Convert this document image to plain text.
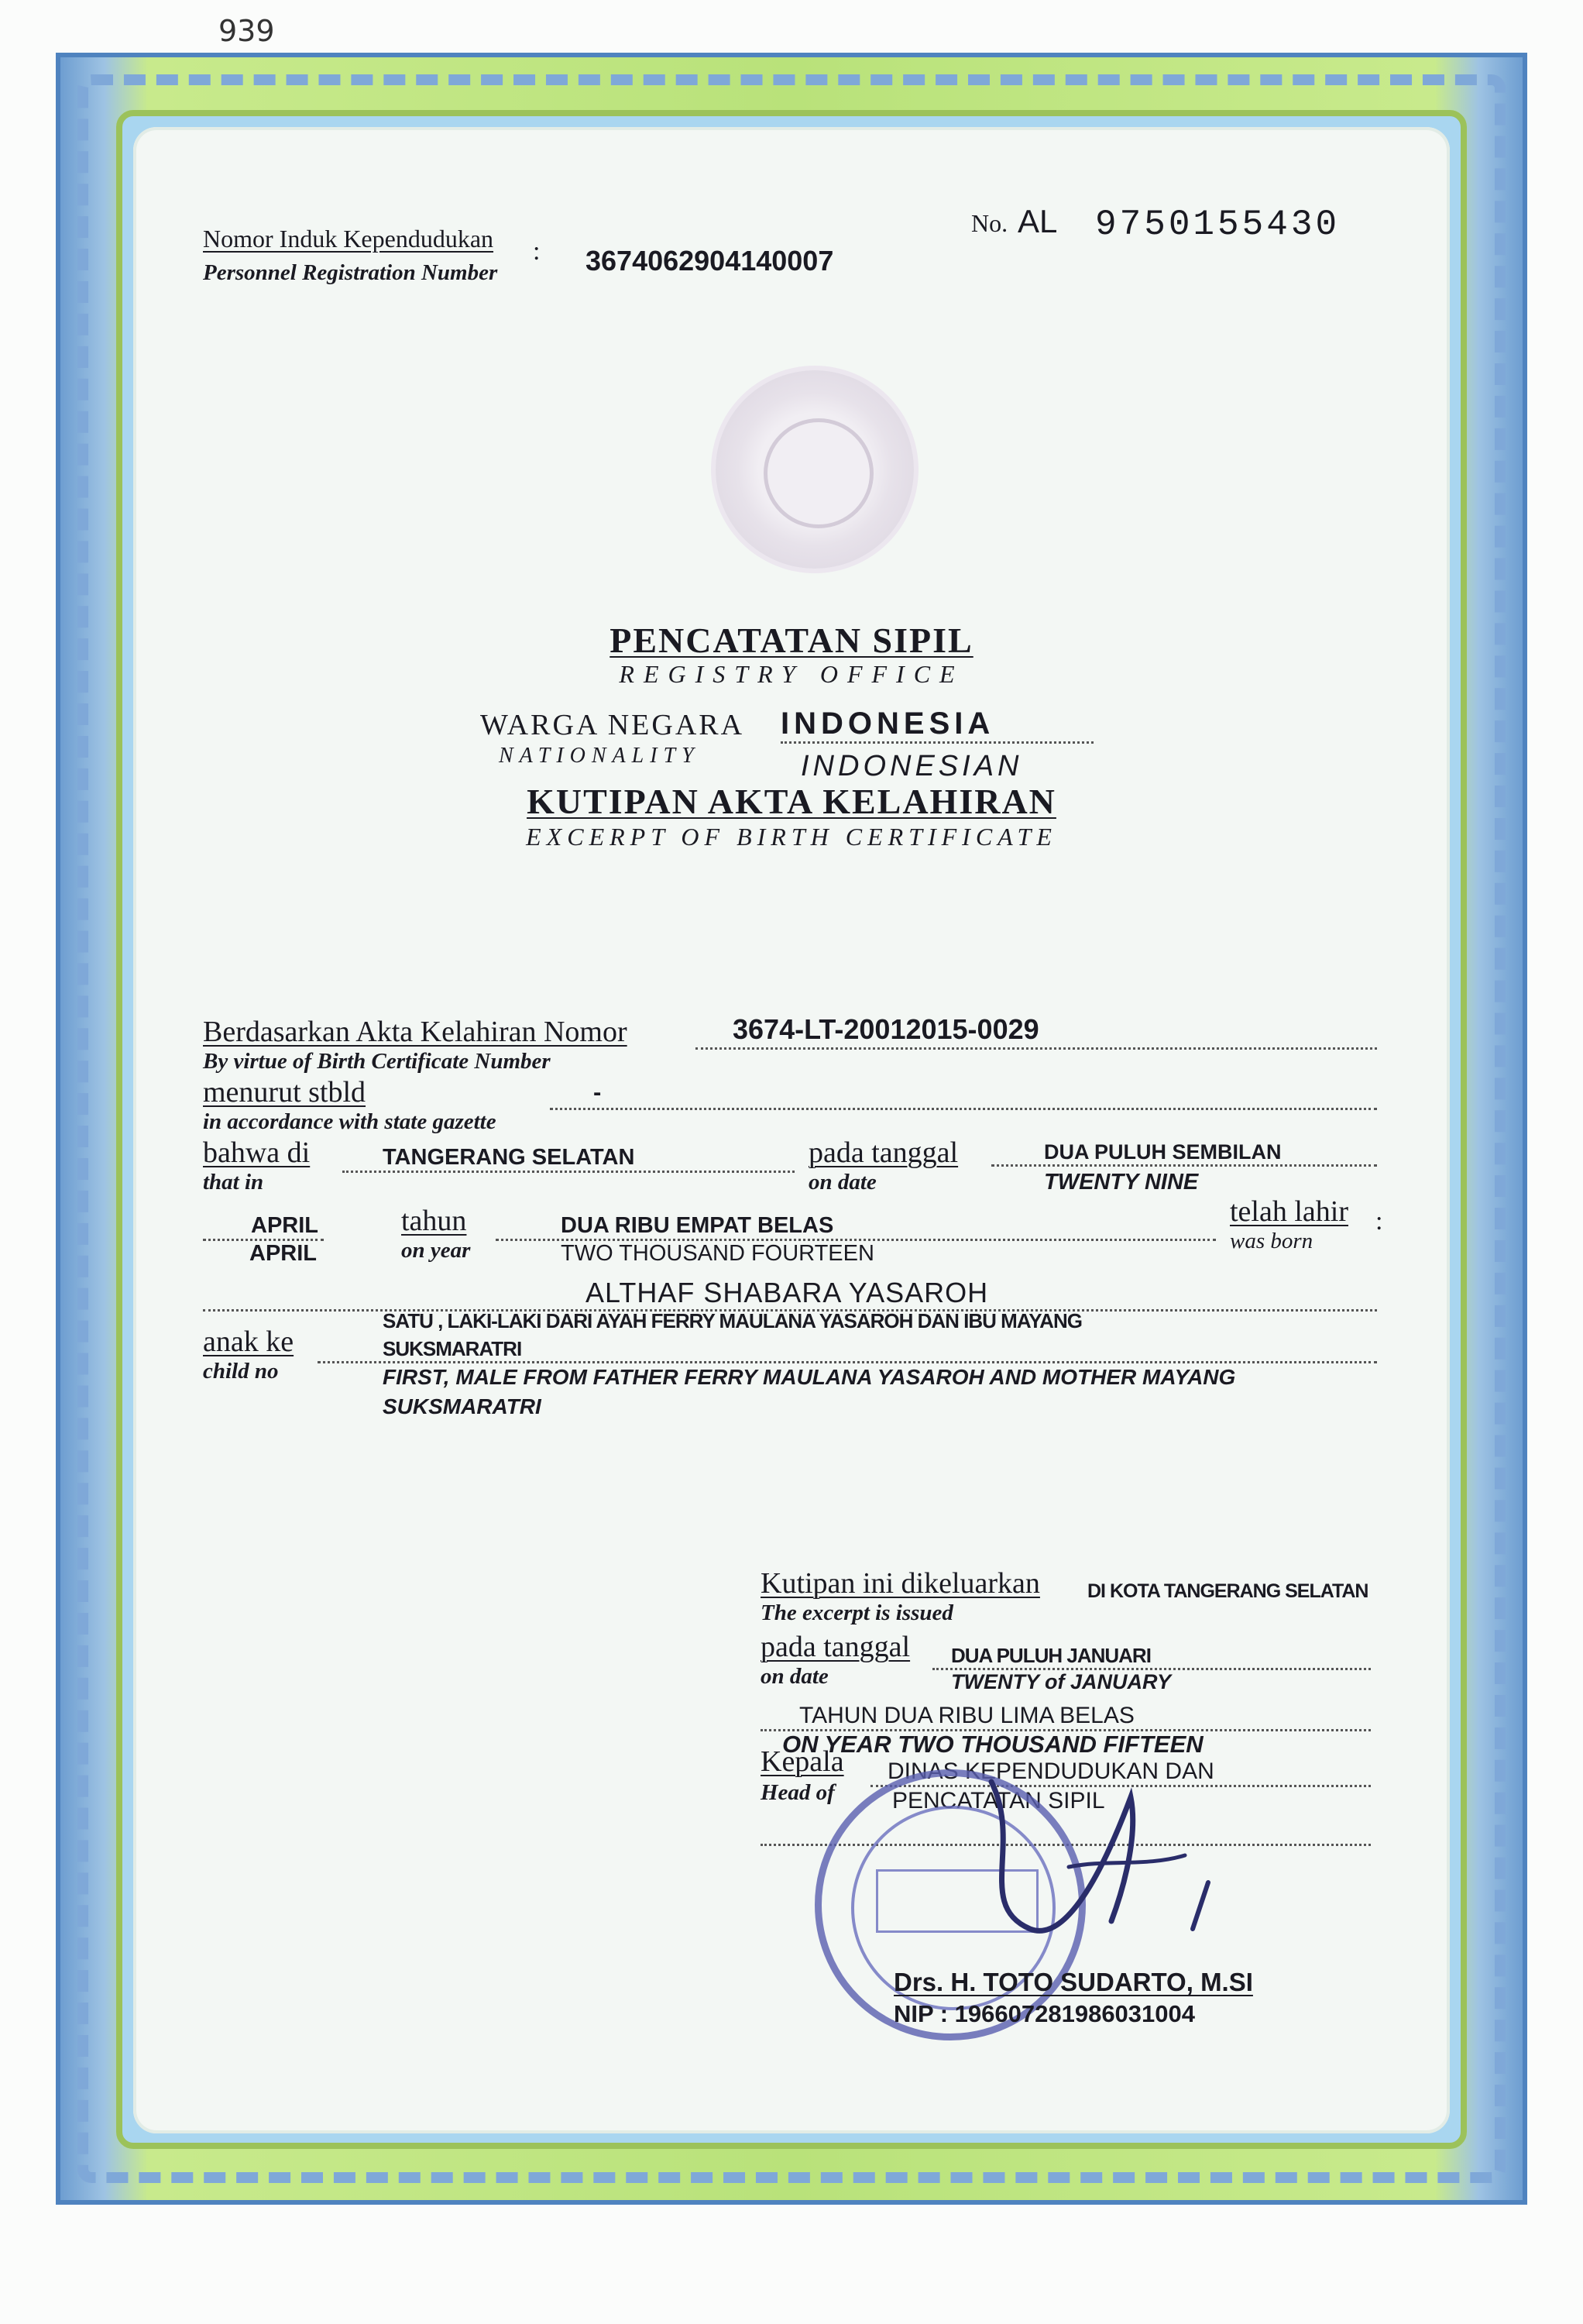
939
Nomor Induk Kependudukan
Personnel Registration Number
: 3674062904140007
No. AL 9750155430
PENCATATAN SIPIL
REGISTRY OFFICE
WARGA NEGARA
NATIONALITY
INDONESIA
INDONESIAN
KUTIPAN AKTA KELAHIRAN
EXCERPT OF BIRTH CERTIFICATE
Berdasarkan Akta Kelahiran Nomor
By virtue of Birth Certificate Number
3674-LT-20012015-0029
menurut stbld
in accordance with state gazette
-
bahwa di
that in
TANGERANG SELATAN	pada tanggal
on date
DUA PULUH SEMBILAN
TWENTY NINE
APRIL
APRIL
tahun
on year
DUA RIBU EMPAT BELAS
TWO THOUSAND FOURTEEN
telah lahir
was born
:
ALTHAF SHABARA YASAROH
anak ke
child no
SATU , LAKI-LAKI DARI AYAH FERRY MAULANA YASAROH DAN IBU MAYANG
SUKSMARATRI
FIRST, MALE FROM FATHER FERRY MAULANA YASAROH AND MOTHER MAYANG
SUKSMARATRI
Kutipan ini dikeluarkan
The excerpt is issued
DI KOTA TANGERANG SELATAN
pada tanggal
on date
DUA PULUH JANUARI
TWENTY of JANUARY
TAHUN DUA RIBU LIMA BELAS
ON YEAR TWO THOUSAND FIFTEEN
Kepala
Head of
DINAS KEPENDUDUKAN DAN
PENCATATAN SIPIL
Drs. H. TOTO SUDARTO, M.SI
NIP : 196607281986031004
